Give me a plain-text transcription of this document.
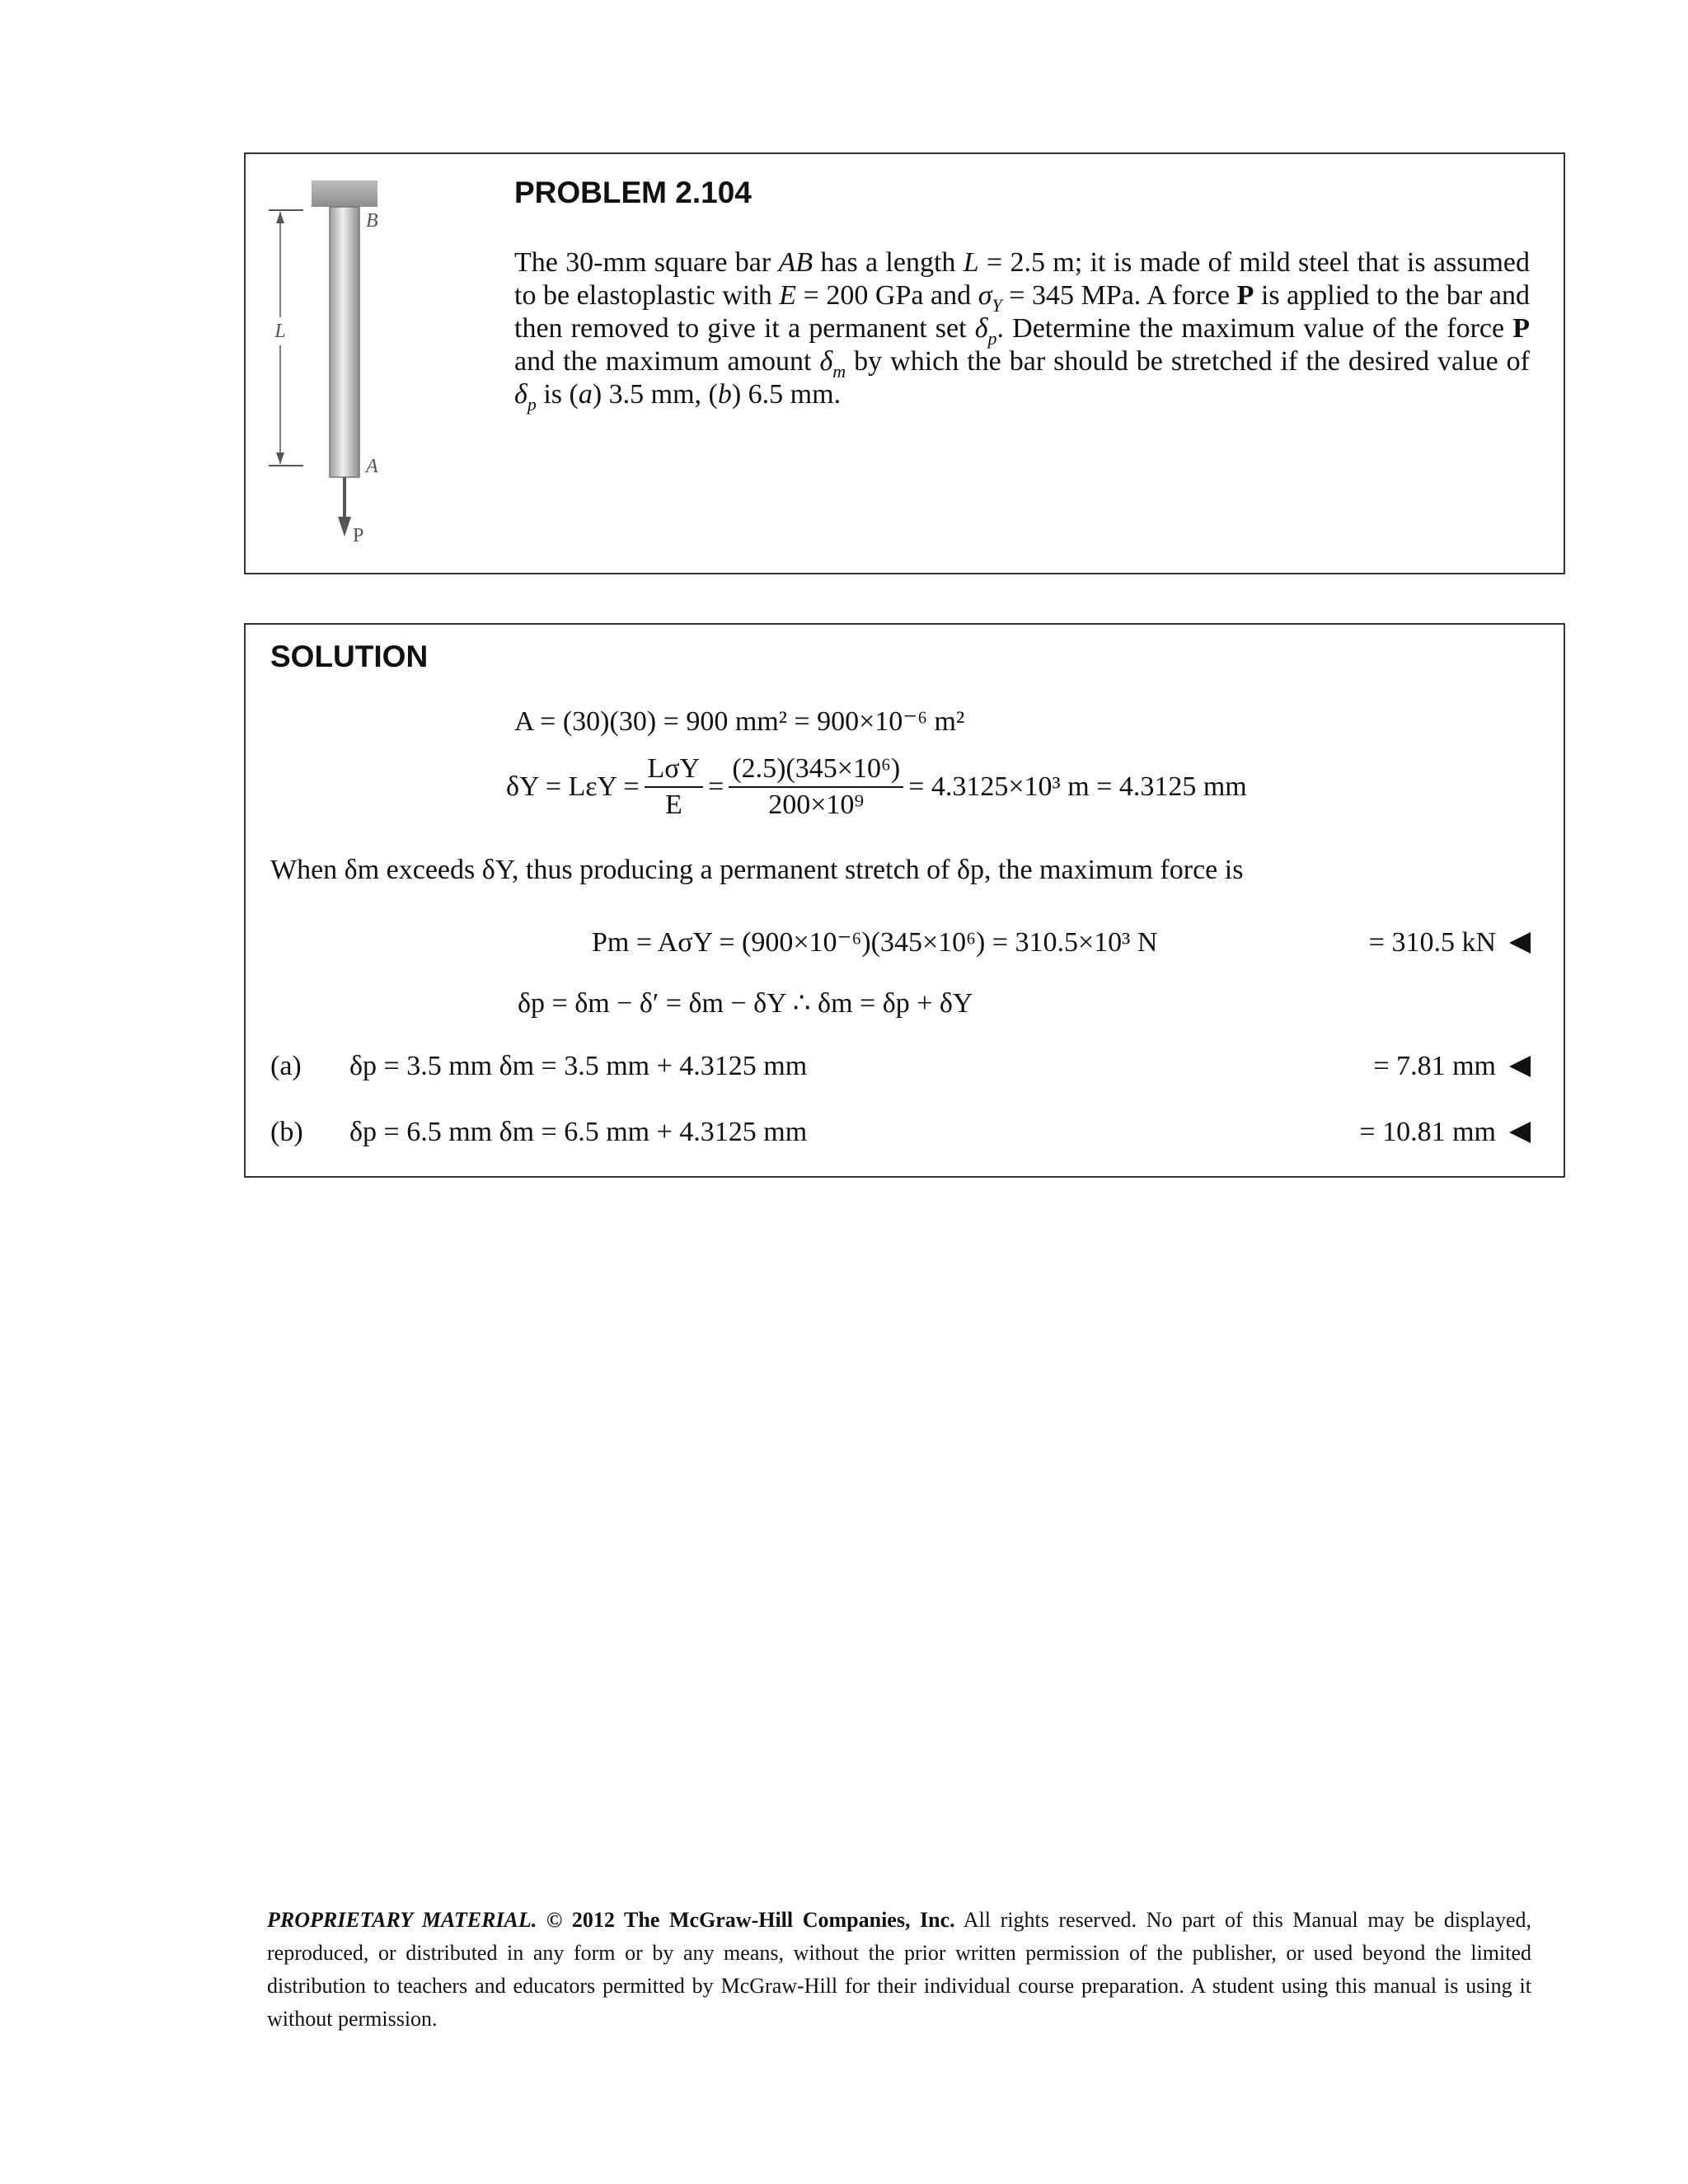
PROBLEM 2.104

The 30-mm square bar AB has a length L = 2.5 m; it is made of mild steel that is assumed to be elastoplastic with E = 200 GPa and $\sigma_Y = 345$ MPa. A force P is applied to the bar and then removed to give it a permanent set $\delta_p$. Determine the maximum value of the force P and the maximum amount $\delta_m$ by which the bar should be stretched if the desired value of $\delta_p$ is (a) 3.5 mm, (b) 6.5 mm.

L
B
A
P
SOLUTION
A = (30)(30) = 900 mm² = 900×10⁻⁶ m²
$\delta Y = L\varepsilon Y = \frac{\text{LσY}}{E} = \frac{\text{(2.5)(345×10⁶)}}{\text{200×10⁹}} = 4.3125\times 10^3$ m = 4.3125 mm
When δm exceeds δY, thus producing a permanent stretch of δp, the maximum force is
Pm = AσY = (900×10⁻⁶)(345×10⁶) = 310.5×10³ N	= 310.5 kN
δp = δm − δ′ = δm − δY ∴ δm = δp + δY
(a) δp = 3.5 mm δm = 3.5 mm + 4.3125 mm	= 7.81 mm
(b) δp = 6.5 mm δm = 6.5 mm + 4.3125 mm	= 10.81 mm

PROPRIETARY MATERIAL. © 2012 The McGraw-Hill Companies, Inc. All rights reserved. No part of this Manual may be displayed, reproduced, or distributed in any form or by any means, without the prior written permission of the publisher, or used beyond the limited distribution to teachers and educators permitted by McGraw-Hill for their individual course preparation. A student using this manual is using it without permission.
